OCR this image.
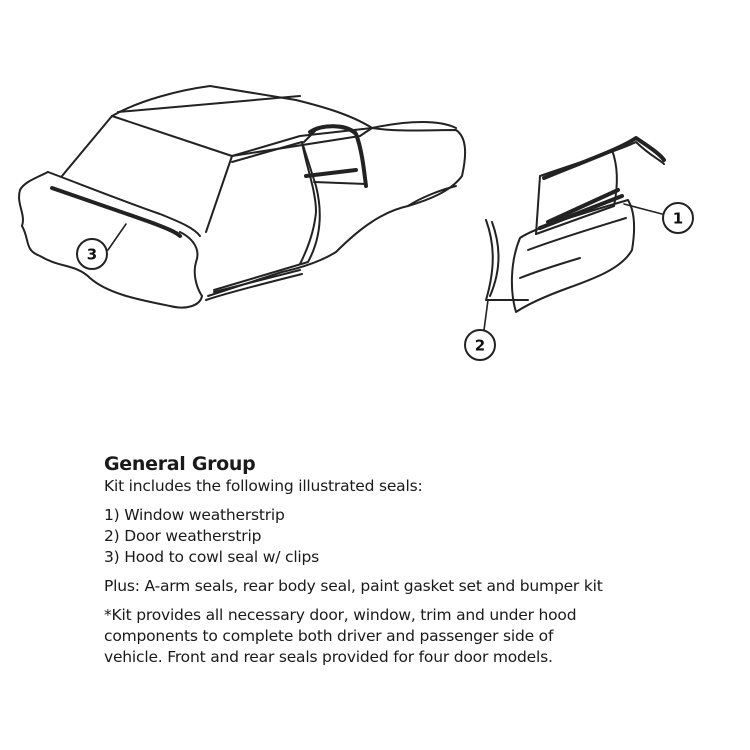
1
2
3
General Group
Kit includes the following illustrated seals:
1) Window weatherstrip
2) Door weatherstrip
3) Hood to cowl seal w/ clips
Plus: A-arm seals, rear body seal, paint gasket set and bumper kit
*Kit provides all necessary door, window, trim and under hood
components to complete both driver and passenger side of
vehicle. Front and rear seals provided for four door models.
